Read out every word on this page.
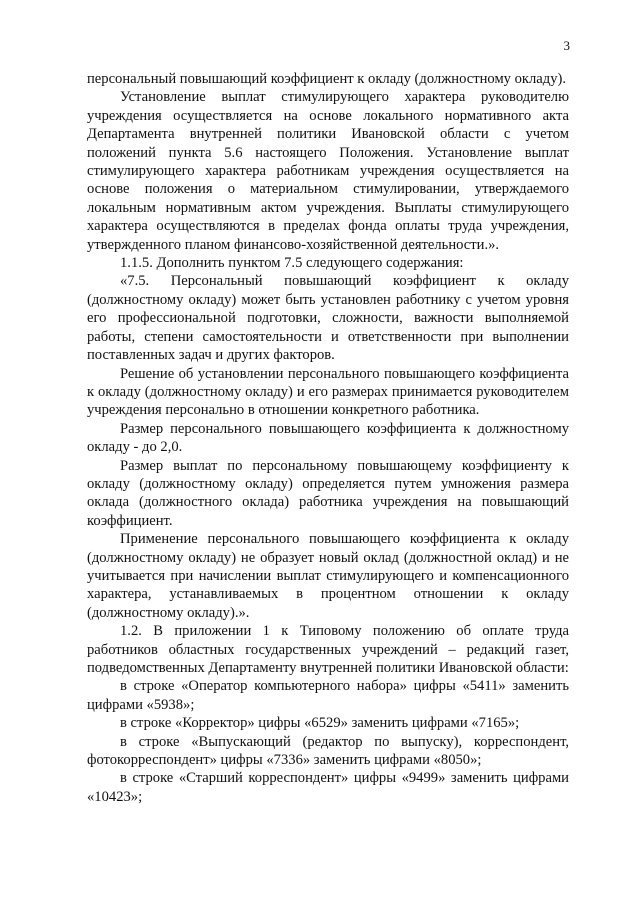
3

персональный повышающий коэффициент к окладу (должностному окладу).

Установление выплат стимулирующего характера руководителю учреждения осуществляется на основе локального нормативного акта Департамента внутренней политики Ивановской области с учетом положений пункта 5.6 настоящего Положения. Установление выплат стимулирующего характера работникам учреждения осуществляется на основе положения о материальном стимулировании, утверждаемого локальным нормативным актом учреждения. Выплаты стимулирующего характера осуществляются в пределах фонда оплаты труда учреждения, утвержденного планом финансово-хозяйственной деятельности.».

1.1.5. Дополнить пунктом 7.5 следующего содержания:

«7.5. Персональный повышающий коэффициент к окладу (должностному окладу) может быть установлен работнику с учетом уровня его профессиональной подготовки, сложности, важности выполняемой работы, степени самостоятельности и ответственности при выполнении поставленных задач и других факторов.

Решение об установлении персонального повышающего коэффициента к окладу (должностному окладу) и его размерах принимается руководителем учреждения персонально в отношении конкретного работника.

Размер персонального повышающего коэффициента к должностному окладу - до 2,0.

Размер выплат по персональному повышающему коэффициенту к окладу (должностному окладу) определяется путем умножения размера оклада (должностного оклада) работника учреждения на повышающий коэффициент.

Применение персонального повышающего коэффициента к окладу (должностному окладу) не образует новый оклад (должностной оклад) и не учитывается при начислении выплат стимулирующего и компенсационного характера, устанавливаемых в процентном отношении к окладу (должностному окладу).».

1.2. В приложении 1 к Типовому положению об оплате труда работников областных государственных учреждений – редакций газет, подведомственных Департаменту внутренней политики Ивановской области:

в строке «Оператор компьютерного набора» цифры «5411» заменить цифрами «5938»;

в строке «Корректор» цифры «6529» заменить цифрами «7165»;

в строке «Выпускающий (редактор по выпуску), корреспондент, фотокорреспондент» цифры «7336» заменить цифрами «8050»;

в строке «Старший корреспондент» цифры «9499» заменить цифрами «10423»;
